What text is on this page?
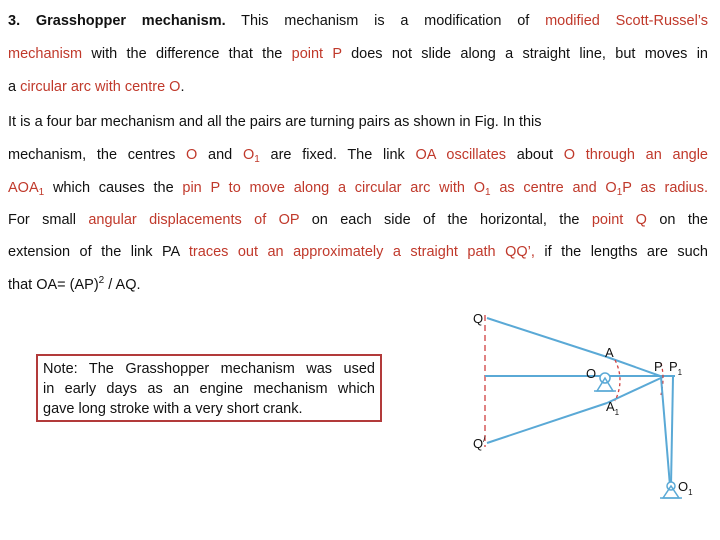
3. Grasshopper mechanism. This mechanism is a modification of modified Scott-Russel’s
mechanism with the difference that the point P does not slide along a straight line, but moves in
a circular arc with centre O.
It is a four bar mechanism and all the pairs are turning pairs as shown in Fig. In this
mechanism, the centres O and $O_1$ are fixed. The link OA oscillates about O through an angle
$AOA_1$ which causes the pin P to move along a circular arc with $O_1$ as centre and $O_1P$ as radius.
For small angular displacements of OP on each side of the horizontal, the point Q on the
extension of the link PA traces out an approximately a straight path QQ’, if the lengths are such
that OA= (AP)$^2$ / AQ.
Note: The Grasshopper mechanism was used
in early days as an engine mechanism which
gave long stroke with a very short crank.
Q
Q/
A
O	P $P_1$
$A_1$
$O_1$
